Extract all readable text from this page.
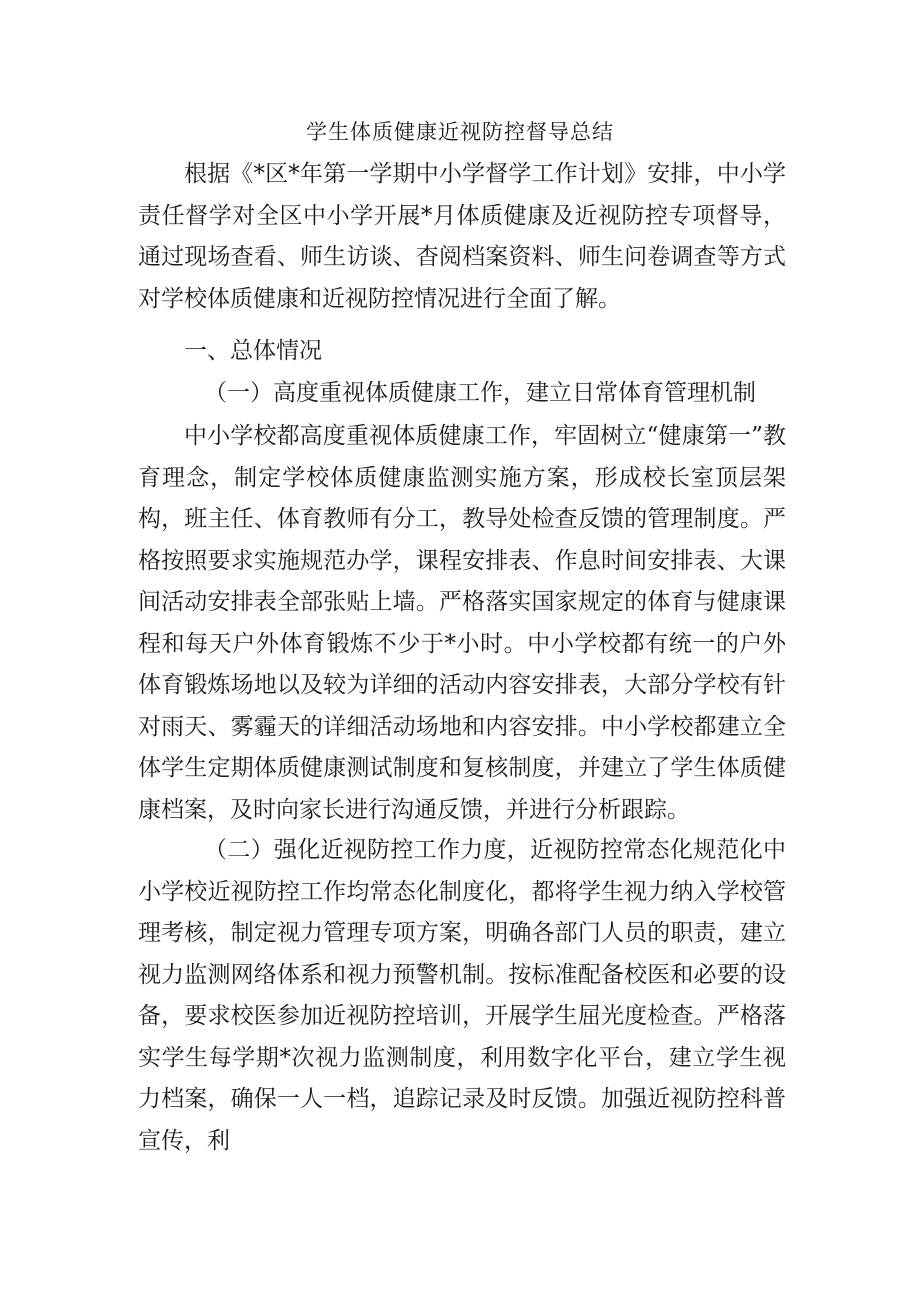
学生体质健康近视防控督导总结

根据《*区*年第一学期中小学督学工作计划》安排，中小学责任督学对全区中小学开展*月体质健康及近视防控专项督导，通过现场查看、师生访谈、杳阅档案资料、师生问卷调查等方式对学校体质健康和近视防控情况进行全面了解。

一、总体情况

（一）高度重视体质健康工作，建立日常体育管理机制

中小学校都高度重视体质健康工作，牢固树立“健康第一”教育理念，制定学校体质健康监测实施方案，形成校长室顶层架构，班主任、体育教师有分工，教导处检查反馈的管理制度。严格按照要求实施规范办学，课程安排表、作息时间安排表、大课间活动安排表全部张贴上墙。严格落实国家规定的体育与健康课程和每天户外体育锻炼不少于*小时。中小学校都有统一的户外体育锻炼场地以及较为详细的活动内容安排表，大部分学校有针对雨天、雾霾天的详细活动场地和内容安排。中小学校都建立全体学生定期体质健康测试制度和复核制度，并建立了学生体质健康档案，及时向家长进行沟通反馈，并进行分析跟踪。

（二）强化近视防控工作力度，近视防控常态化规范化中小学校近视防控工作均常态化制度化，都将学生视力纳入学校管理考核，制定视力管理专项方案，明确各部门人员的职责，建立视力监测网络体系和视力预警机制。按标准配备校医和必要的设备，要求校医参加近视防控培训，开展学生屈光度检查。严格落实学生每学期*次视力监测制度，利用数字化平台，建立学生视力档案，确保一人一档，追踪记录及时反馈。加强近视防控科普宣传，利
